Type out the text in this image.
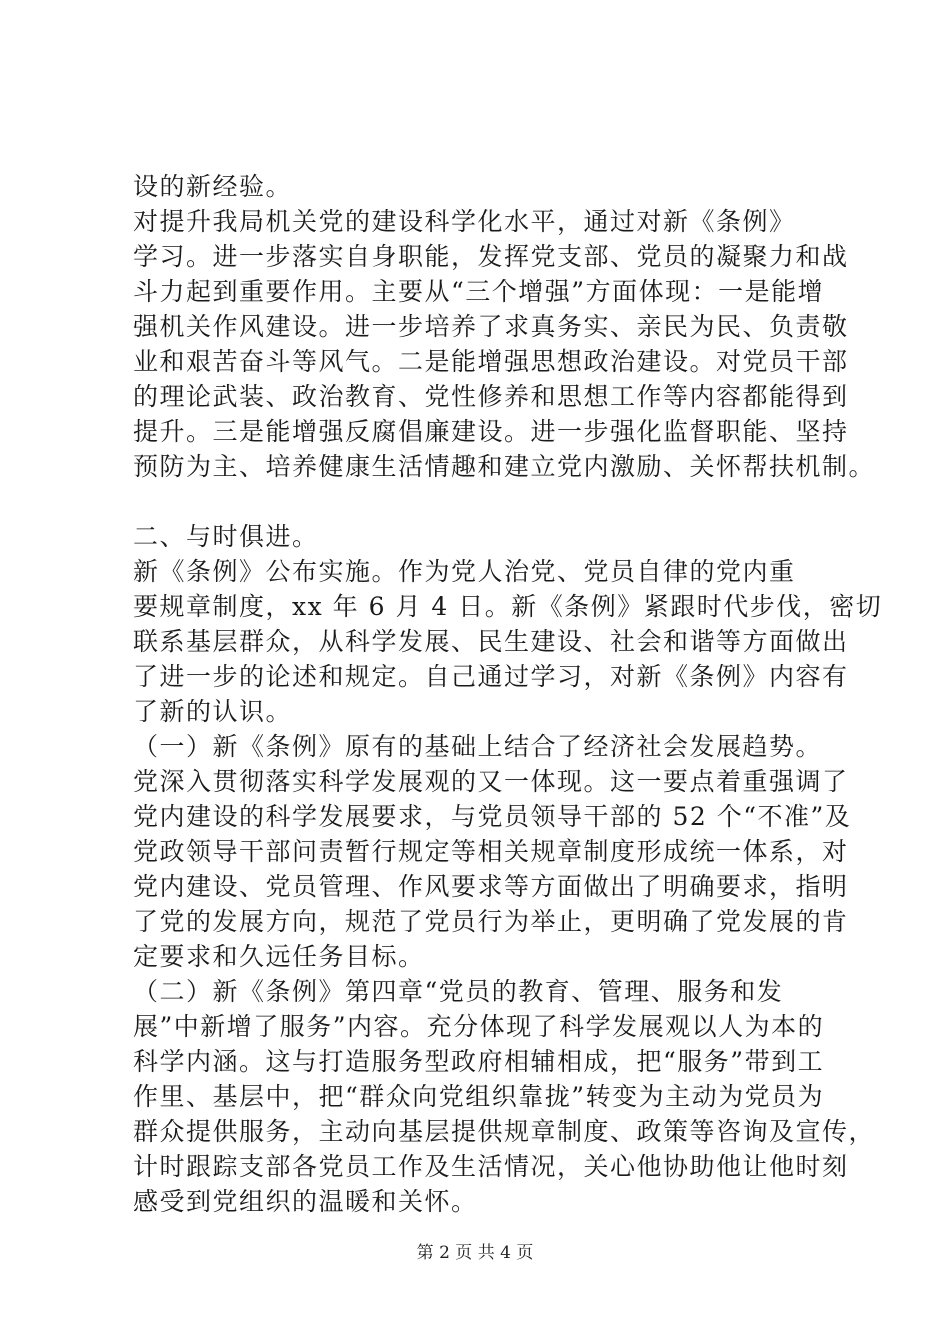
设的新经验。
对提升我局机关党的建设科学化水平，通过对新《条例》
学习。进一步落实自身职能，发挥党支部、党员的凝聚力和战
斗力起到重要作用。主要从“三个增强”方面体现：一是能增
强机关作风建设。进一步培养了求真务实、亲民为民、负责敬
业和艰苦奋斗等风气。二是能增强思想政治建设。对党员干部
的理论武装、政治教育、党性修养和思想工作等内容都能得到
提升。三是能增强反腐倡廉建设。进一步强化监督职能、坚持
预防为主、培养健康生活情趣和建立党内激励、关怀帮扶机制。
二、与时俱进。
新《条例》公布实施。作为党人治党、党员自律的党内重
要规章制度，xx 年 6 月 4 日。新《条例》紧跟时代步伐，密切
联系基层群众，从科学发展、民生建设、社会和谐等方面做出
了进一步的论述和规定。自己通过学习，对新《条例》内容有
了新的认识。
（一）新《条例》原有的基础上结合了经济社会发展趋势。
党深入贯彻落实科学发展观的又一体现。这一要点着重强调了
党内建设的科学发展要求，与党员领导干部的 52 个“不准”及
党政领导干部问责暂行规定等相关规章制度形成统一体系，对
党内建设、党员管理、作风要求等方面做出了明确要求，指明
了党的发展方向，规范了党员行为举止，更明确了党发展的肯
定要求和久远任务目标。
（二）新《条例》第四章“党员的教育、管理、服务和发
展”中新增了服务”内容。充分体现了科学发展观以人为本的
科学内涵。这与打造服务型政府相辅相成，把“服务”带到工
作里、基层中，把“群众向党组织靠拢”转变为主动为党员为
群众提供服务，主动向基层提供规章制度、政策等咨询及宣传，
计时跟踪支部各党员工作及生活情况，关心他协助他让他时刻
感受到党组织的温暖和关怀。
第 2 页 共 4 页
